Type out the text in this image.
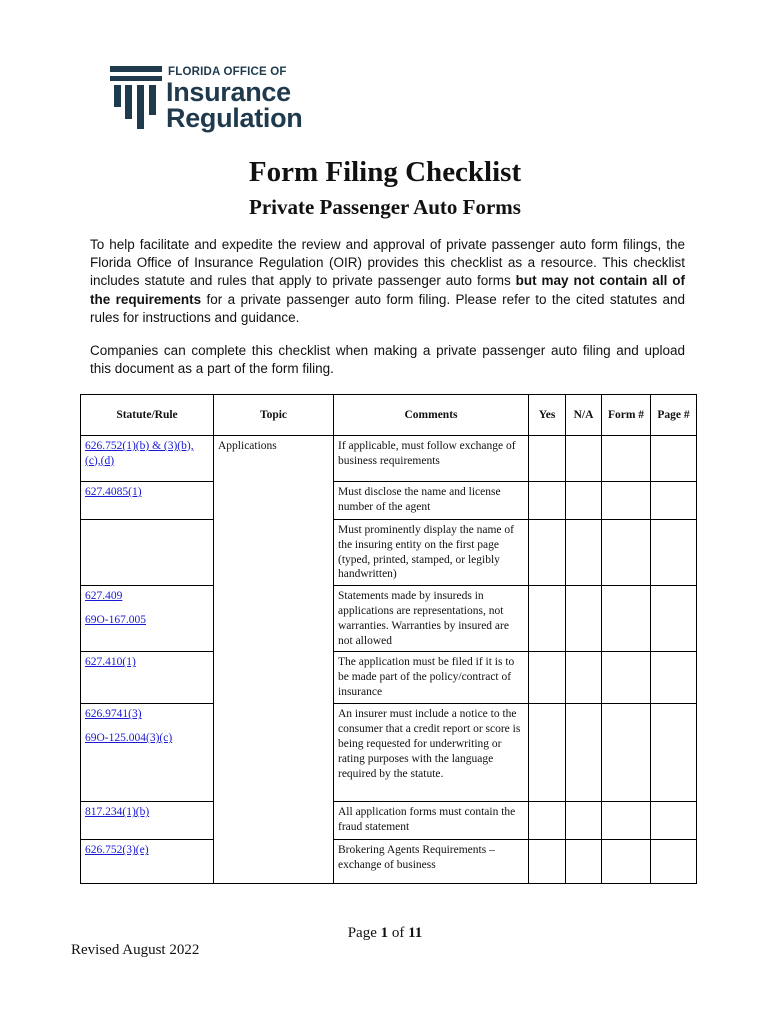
FLORIDA OFFICE OF
Insurance
Regulation
Form Filing Checklist
Private Passenger Auto Forms
To help facilitate and expedite the review and approval of private passenger auto form filings, the Florida Office of Insurance Regulation (OIR) provides this checklist as a resource. This checklist includes statute and rules that apply to private passenger auto forms but may not contain all of the requirements for a private passenger auto form filing. Please refer to the cited statutes and rules for instructions and guidance.
Companies can complete this checklist when making a private passenger auto filing and upload this document as a part of the form filing.
Statute/Rule	Topic	Comments	Yes	N/A	Form #	Page #

626.752(1)(b) & (3)(b),(c),(d)	Applications	If applicable, must follow exchange of business requirements				

627.4085(1)		Must disclose the name and license number of the agent				
		Must prominently display the name of the insuring entity on the first page (typed, printed, stamped, or legibly handwritten)				

627.409
69O-167.005		Statements made by insureds in applications are representations, not warranties. Warranties by insured are not allowed				

627.410(1)		The application must be filed if it is to be made part of the policy/contract of insurance				

626.9741(3)
69O-125.004(3)(c)		An insurer must include a notice to the consumer that a credit report or score is being requested for underwriting or rating purposes with the language required by the statute.				

817.234(1)(b)		All application forms must contain the fraud statement				

626.752(3)(e)		Brokering Agents Requirements – exchange of business				
Page 1 of 11
Revised August 2022
